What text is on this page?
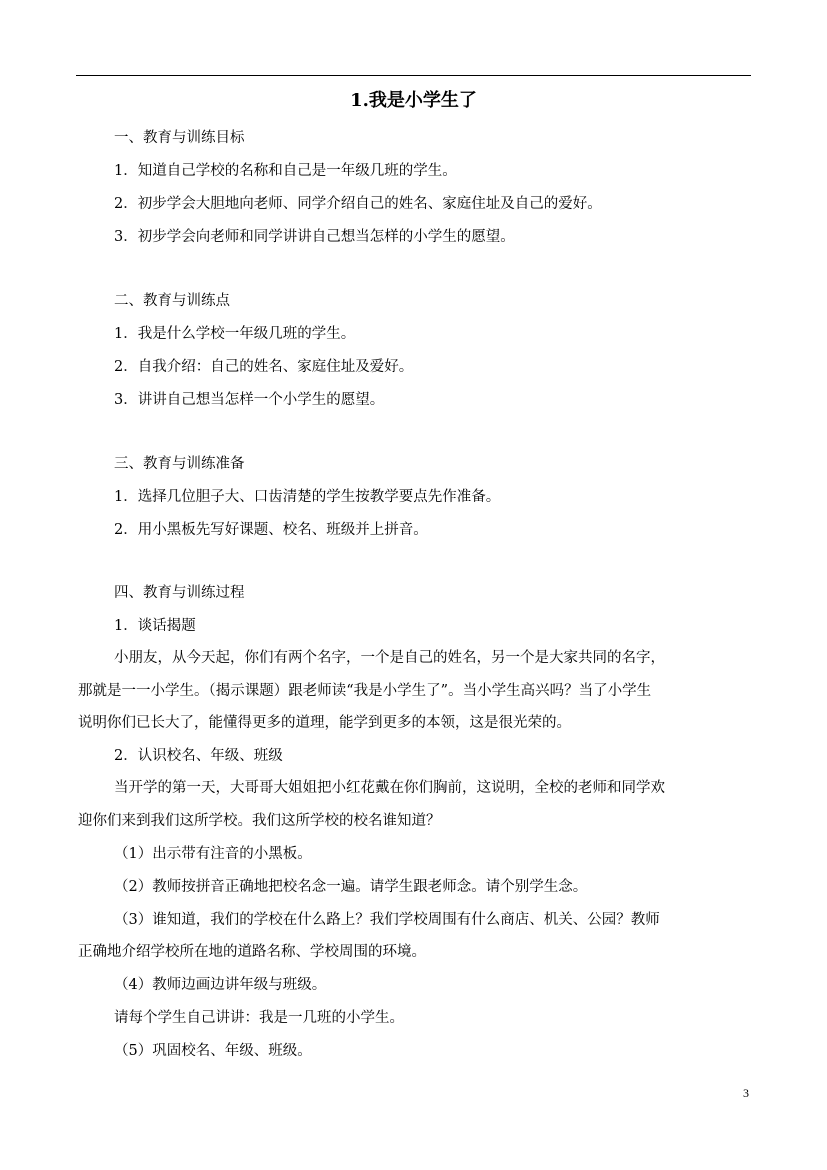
1.我是小学生了
一、教育与训练目标
1．知道自己学校的名称和自己是一年级几班的学生。
2．初步学会大胆地向老师、同学介绍自己的姓名、家庭住址及自己的爱好。
3．初步学会向老师和同学讲讲自己想当怎样的小学生的愿望。
二、教育与训练点
1．我是什么学校一年级几班的学生。
2．自我介绍：自己的姓名、家庭住址及爱好。
3．讲讲自己想当怎样一个小学生的愿望。
三、教育与训练准备
1．选择几位胆子大、口齿清楚的学生按教学要点先作准备。
2．用小黑板先写好课题、校名、班级并上拼音。
四、教育与训练过程
1．谈话揭题
小朋友，从今天起，你们有两个名字，一个是自己的姓名，另一个是大家共同的名字，
那就是一一小学生。（揭示课题）跟老师读“我是小学生了”。当小学生高兴吗？当了小学生
说明你们已长大了，能懂得更多的道理，能学到更多的本领，这是很光荣的。
2．认识校名、年级、班级
当开学的第一天，大哥哥大姐姐把小红花戴在你们胸前，这说明，全校的老师和同学欢
迎你们来到我们这所学校。我们这所学校的校名谁知道？
（1）出示带有注音的小黑板。
（2）教师按拼音正确地把校名念一遍。请学生跟老师念。请个别学生念。
（3）谁知道，我们的学校在什么路上？我们学校周围有什么商店、机关、公园？教师
正确地介绍学校所在地的道路名称、学校周围的环境。
（4）教师边画边讲年级与班级。
请每个学生自己讲讲：我是一几班的小学生。
（5）巩固校名、年级、班级。
3
